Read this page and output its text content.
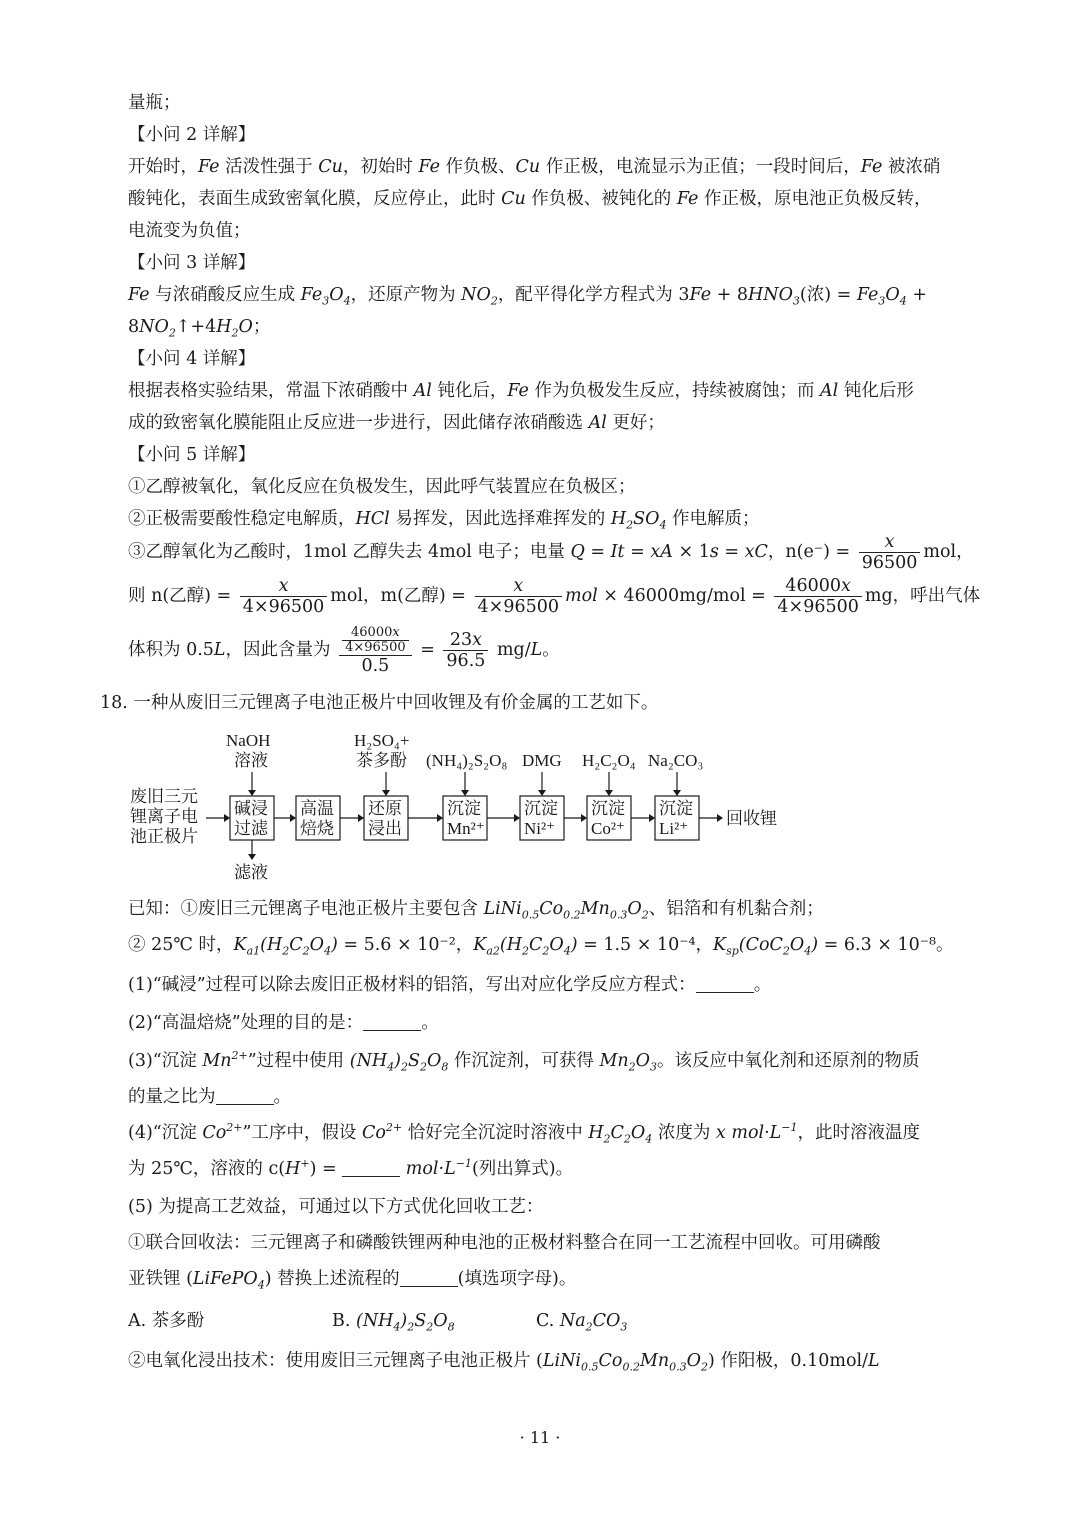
量瓶；
【小问 2 详解】
开始时，Fe 活泼性强于 Cu，初始时 Fe 作负极、Cu 作正极，电流显示为正值；一段时间后，Fe 被浓硝
酸钝化，表面生成致密氧化膜，反应停止，此时 Cu 作负极、被钝化的 Fe 作正极，原电池正负极反转，
电流变为负值；
【小问 3 详解】
Fe 与浓硝酸反应生成 $Fe_3O_4$，还原产物为 $NO_2$，配平得化学方程式为 $3Fe + 8HNO_3$(浓) = $Fe_3O_4$ +
$8NO_2↑+4H_2O$；
【小问 4 详解】
根据表格实验结果，常温下浓硝酸中 Al 钝化后，Fe 作为负极发生反应，持续被腐蚀；而 Al 钝化后形
成的致密氧化膜能阻止反应进一步进行，因此储存浓硝酸选 Al 更好；
【小问 5 详解】
①乙醇被氧化，氧化反应在负极发生，因此呼气装置应在负极区；
②正极需要酸性稳定电解质，HCl 易挥发，因此选择难挥发的 $H_2SO_4$ 作电解质；
③乙醇氧化为乙酸时，1mol 乙醇失去 4mol 电子；电量 Q = It = xA × 1s = xC，$n(e^-) = \frac{x}{96500}$ mol，
则 n(乙醇) = $\frac{x}{4\times 96500}$ mol，m(乙醇) = $\frac{x}{4\times 96500}$ mol × $46000mg/mol = \frac{46000x}{4\times 96500}$ mg，呼出气体
体积为 0.5L，因此含量为 $\frac{\frac{46000x}{4\times 96500}}{0.5} = \frac{23x}{96.5} mg/L$。
18. 一种从废旧三元锂离子电池正极片中回收锂及有价金属的工艺如下。
废旧三元
锂离子电
池正极片
NaOH
溶液
H₂SO₄+
茶多酚 (NH₄)₂S₂O₈ DMG H₂C₂O₄ Na₂CO₃
碱浸
过滤
高温
焙烧
还原
浸出
沉淀
Mn²⁺
沉淀
Ni²⁺
沉淀
Co²⁺
沉淀
Li²⁺
回收锂
滤液
已知：①废旧三元锂离子电池正极片主要包含 $LiNi_{0.5}Co_{0.2}Mn_{0.3}O_2$、铝箔和有机黏合剂；
② 25℃ 时，$K_{a1}(H_2C_2O_4) = 5.6 \times 10^{-2}$，$K_{a2}(H_2C_2O_4) = 1.5 \times 10^{-4}$，$K_{sp}(CoC_2O_4) = 6.3 \times 10^{-8}$。
(1)“碱浸”过程可以除去废旧正极材料的铝箔，写出对应化学反应方程式：	。
(2)“高温焙烧”处理的目的是：	。
(3)“沉淀 $Mn^{2+}$”过程中使用 $(NH_4)_2S_2O_8$ 作沉淀剂，可获得 $Mn_2O_3$。该反应中氧化剂和还原剂的物质
的量之比为	。
(4)“沉淀 $Co^{2+}$”工序中，假设 $Co^{2+}$ 恰好完全沉淀时溶液中 $H_2C_2O_4$ 浓度为 x $mol\cdot L^{-1}$，此时溶液温度
为 25℃，溶液的 c(H+) =	$mol\cdot L^{-1}$(列出算式)。
(5) 为提高工艺效益，可通过以下方式优化回收工艺：
①联合回收法：三元锂离子和磷酸铁锂两种电池的正极材料整合在同一工艺流程中回收。可用磷酸
亚铁锂 (LiFePO$_4$) 替换上述流程的	(填选项字母)。
A. 茶多酚	B. $(NH_4)_2S_2O_8$	C. $Na_2CO_3$
②电氧化浸出技术：使用废旧三元锂离子电池正极片 $(LiNi_{0.5}Co_{0.2}Mn_{0.3}O_2)$ 作阳极，0.10mol/L
· 11 ·
